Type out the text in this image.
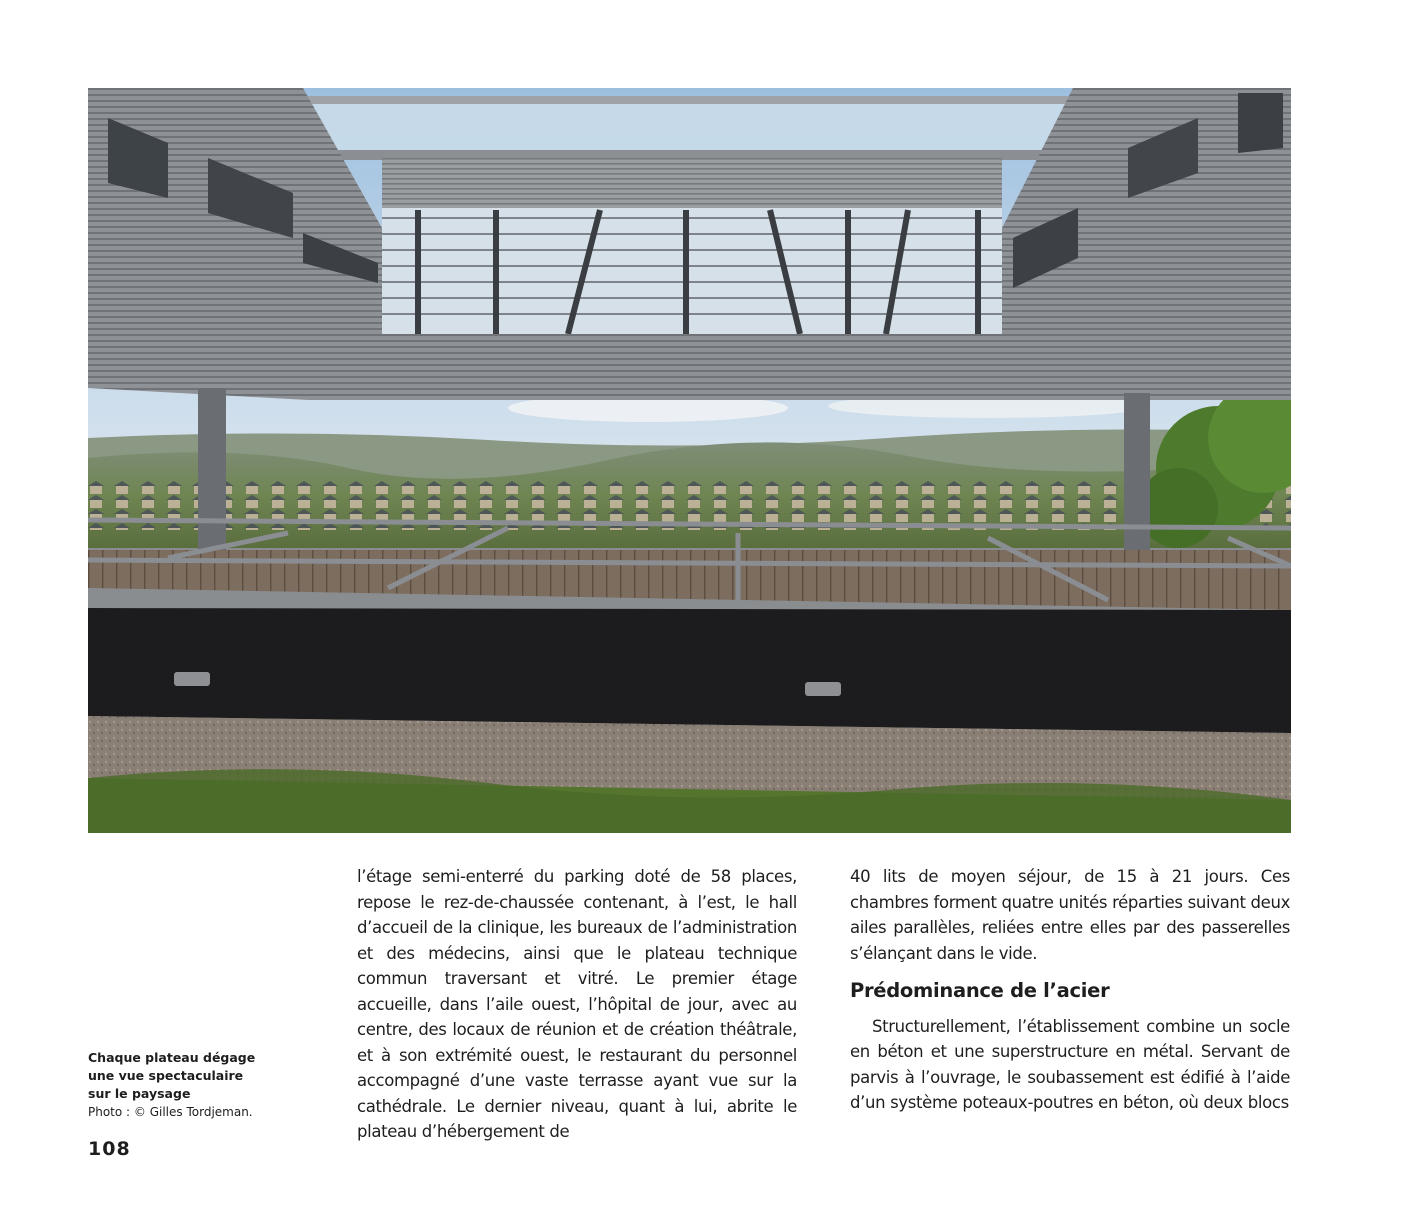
Chaque plateau dégage une vue spectaculaire sur le paysage
Photo : © Gilles Tordjeman.

l’étage semi-enterré du parking doté de 58 places, repose le rez-de-chaussée contenant, à l’est, le hall d’accueil de la clinique, les bureaux de l’administration et des médecins, ainsi que le plateau technique commun traversant et vitré. Le premier étage accueille, dans l’aile ouest, l’hôpital de jour, avec au centre, des locaux de réunion et de création théâtrale, et à son extrémité ouest, le restaurant du personnel accompagné d’une vaste terrasse ayant vue sur la cathédrale. Le dernier niveau, quant à lui, abrite le plateau d’hébergement de

40 lits de moyen séjour, de 15 à 21 jours. Ces chambres forment quatre unités réparties suivant deux ailes parallèles, reliées entre elles par des passerelles s’élançant dans le vide.

Prédominance de l’acier

Structurellement, l’établissement combine un socle en béton et une superstructure en métal. Servant de parvis à l’ouvrage, le soubassement est édifié à l’aide d’un système poteaux-poutres en béton, où deux blocs

108
